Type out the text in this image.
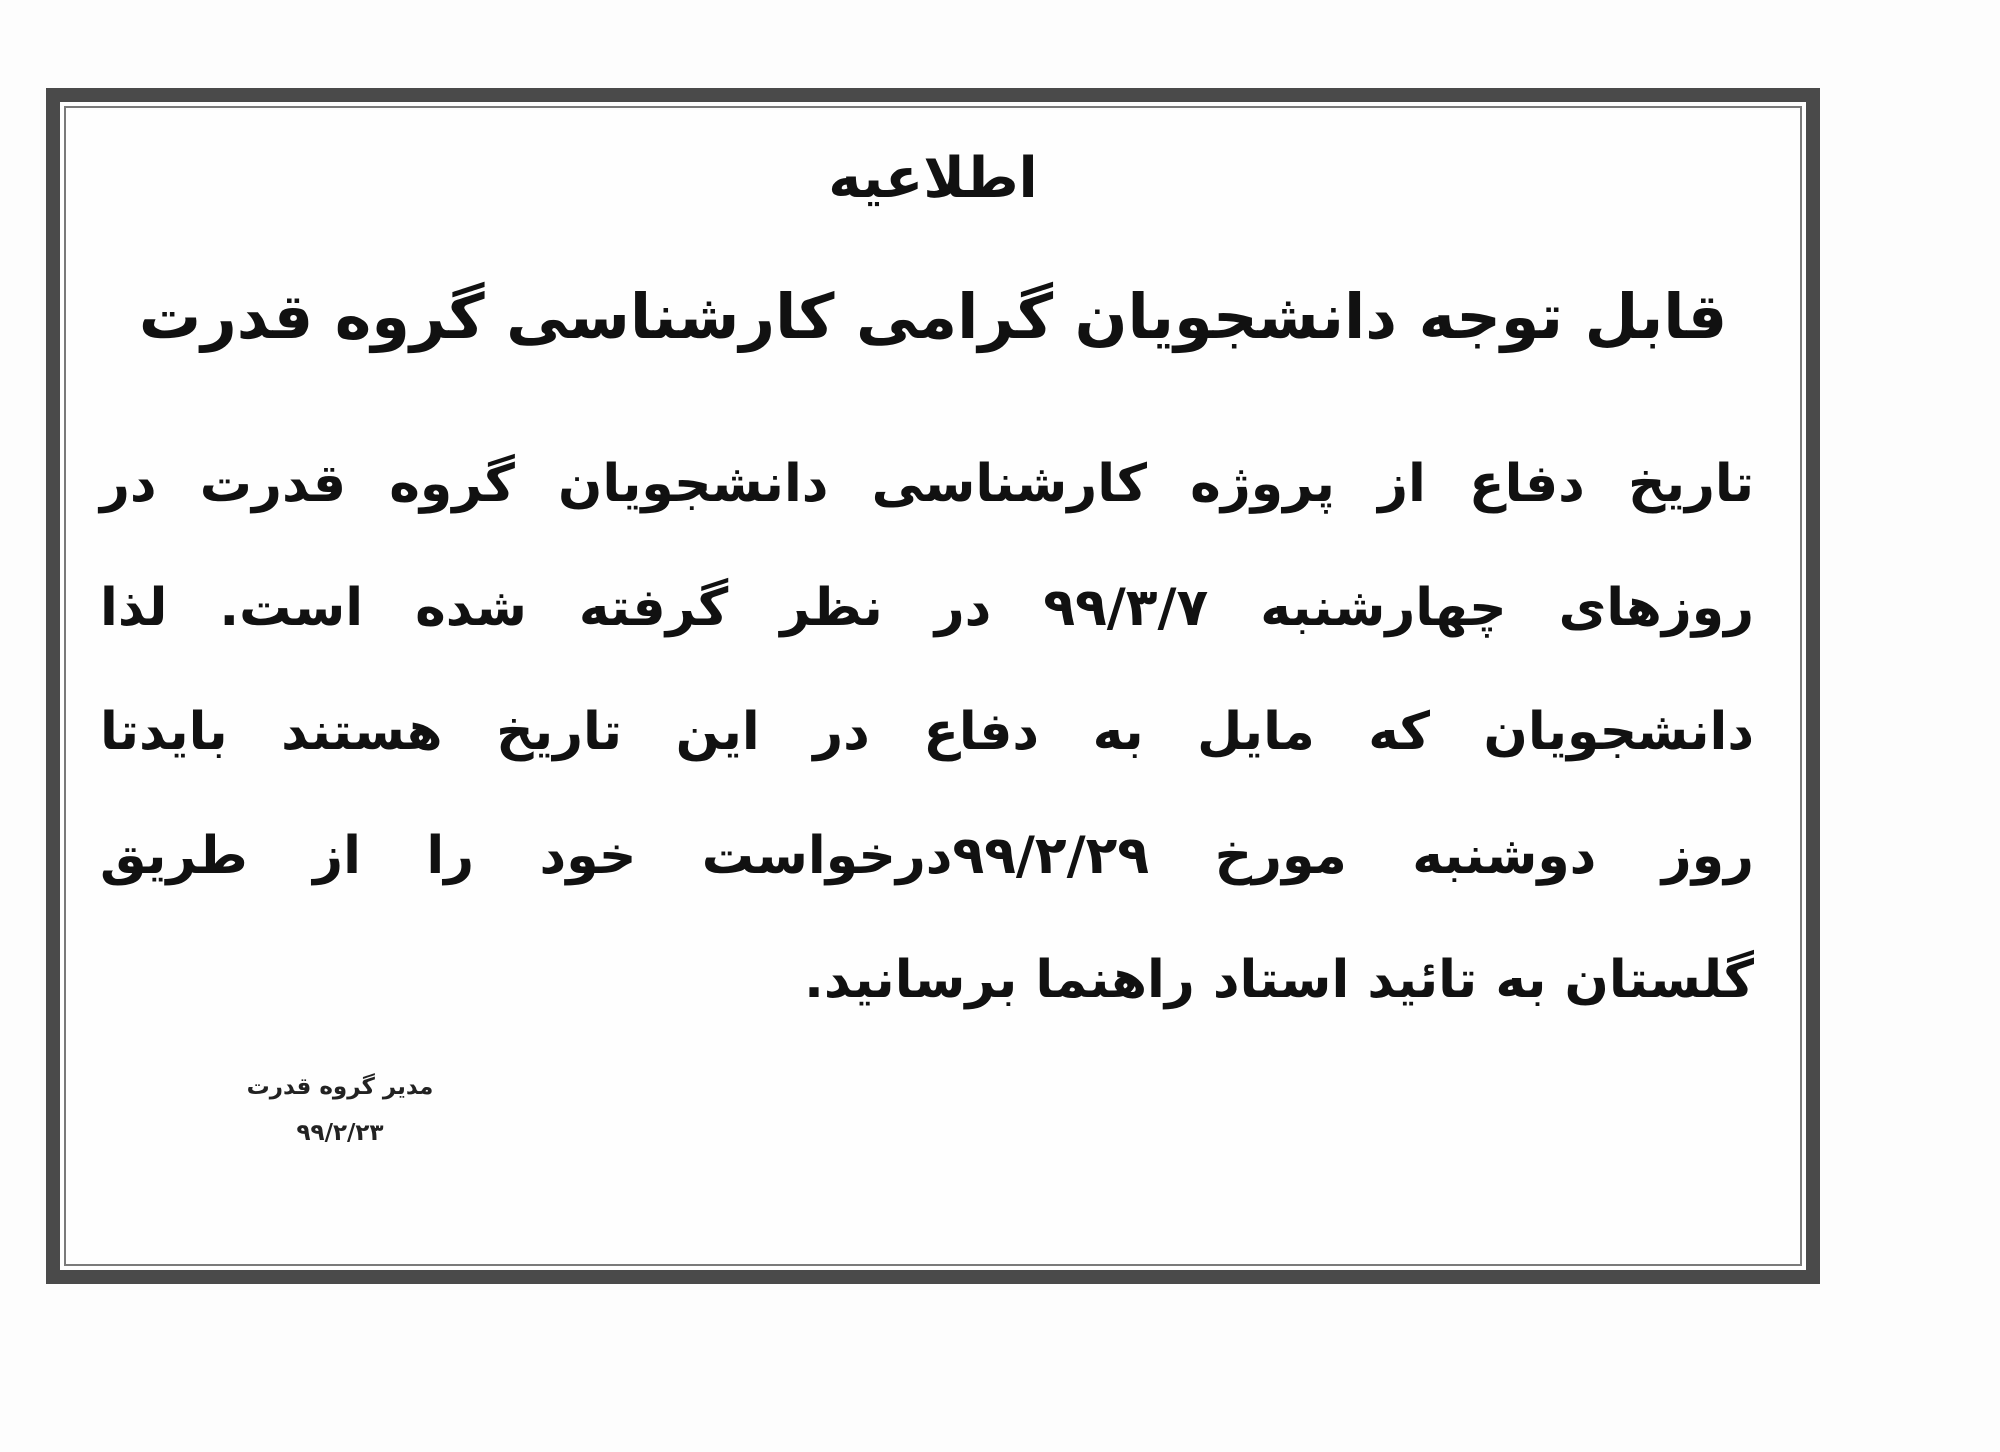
اطلاعیه
قابل توجه دانشجویان گرامی کارشناسی گروه قدرت
تاریخ دفاع از پروژه کارشناسی دانشجویان گروه قدرت در
روزهای چهارشنبه ۹۹/۳/۷ در نظر گرفته شده است. لذا
دانشجویان که مایل به دفاع در این تاریخ هستند بایدتا
روز دوشنبه مورخ ۹۹/۲/۲۹درخواست خود را از طریق
گلستان به تائید استاد راهنما برسانید.
مدیر گروه قدرت
۹۹/۲/۲۳
